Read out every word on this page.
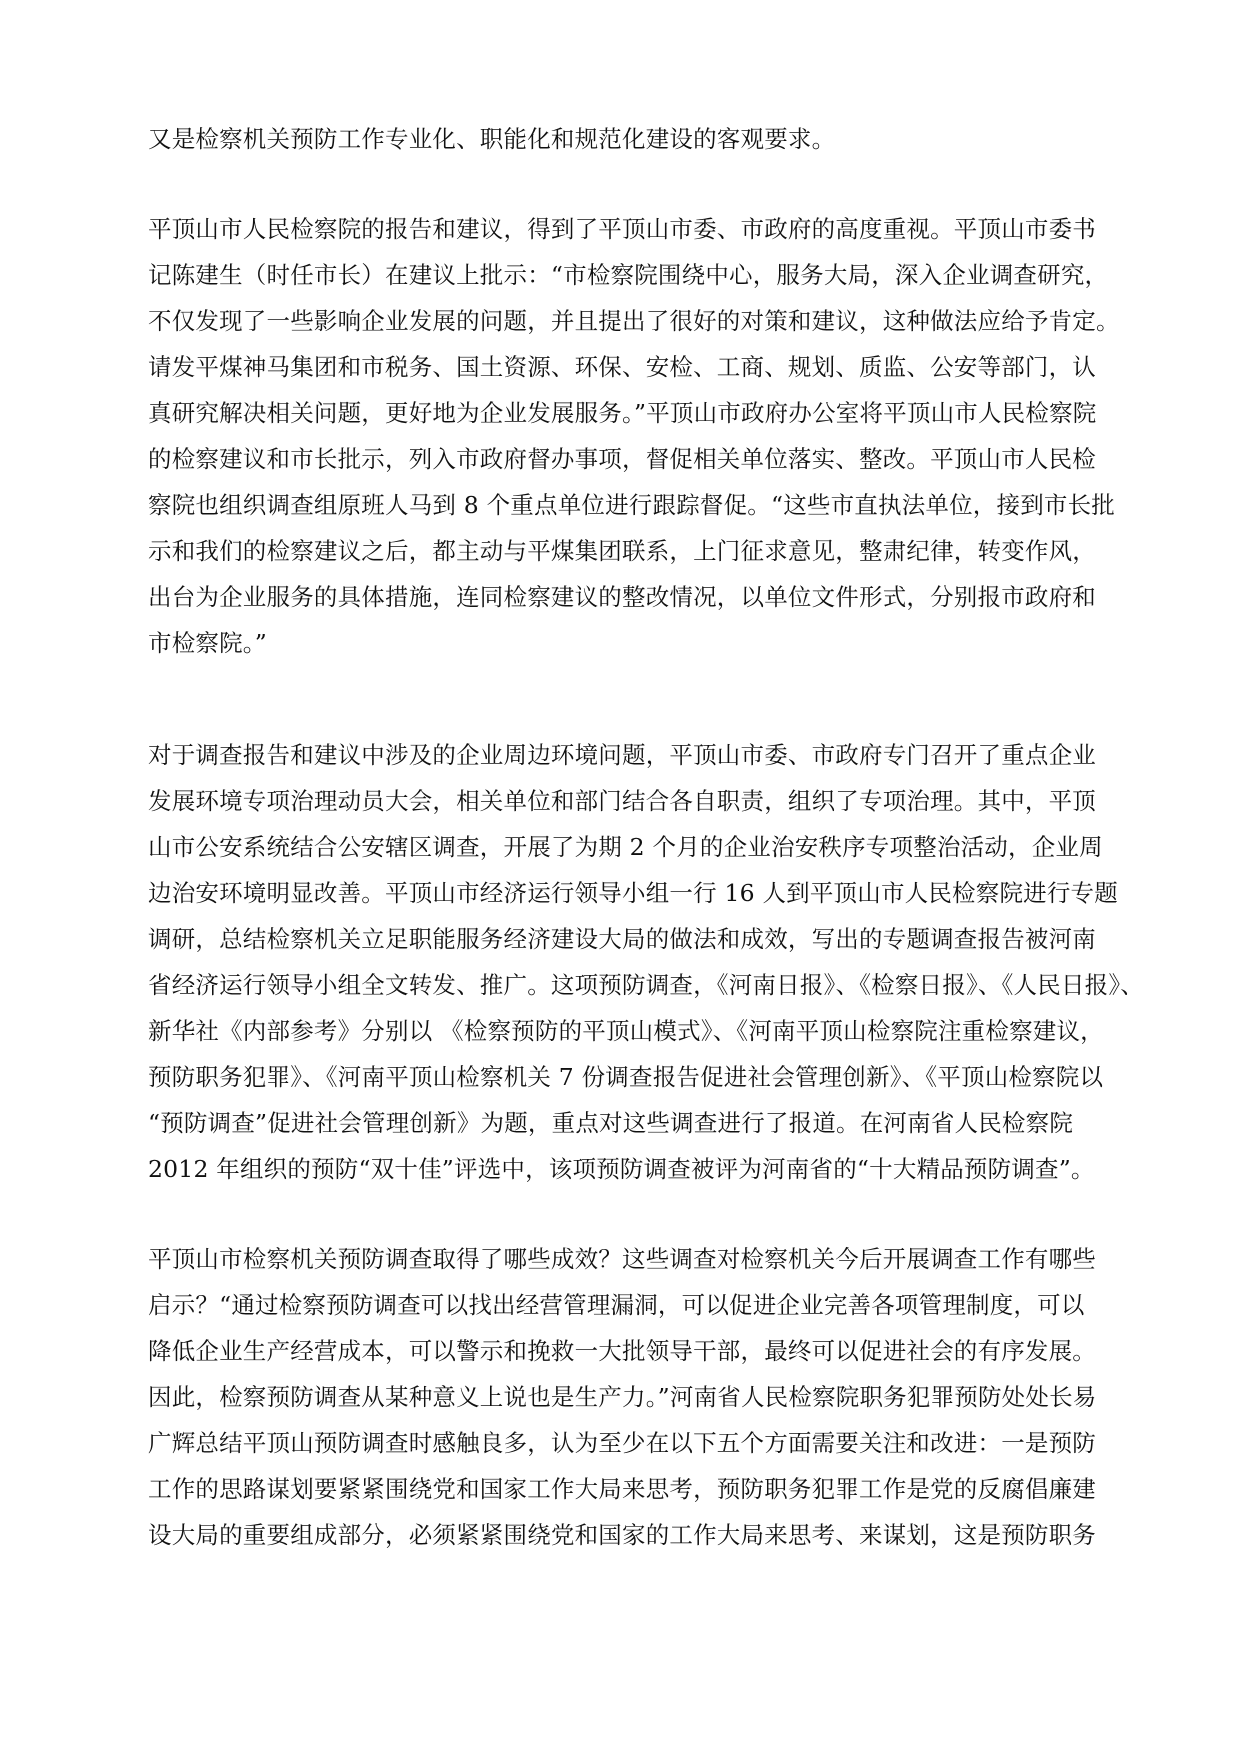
又是检察机关预防工作专业化、职能化和规范化建设的客观要求。
平顶山市人民检察院的报告和建议，得到了平顶山市委、市政府的高度重视。平顶山市委书
记陈建生（时任市长）在建议上批示：“市检察院围绕中心，服务大局，深入企业调查研究，
不仅发现了一些影响企业发展的问题，并且提出了很好的对策和建议，这种做法应给予肯定。
请发平煤神马集团和市税务、国土资源、环保、安检、工商、规划、质监、公安等部门，认
真研究解决相关问题，更好地为企业发展服务。”平顶山市政府办公室将平顶山市人民检察院
的检察建议和市长批示，列入市政府督办事项，督促相关单位落实、整改。平顶山市人民检
察院也组织调查组原班人马到 8 个重点单位进行跟踪督促。“这些市直执法单位，接到市长批
示和我们的检察建议之后，都主动与平煤集团联系，上门征求意见，整肃纪律，转变作风，
出台为企业服务的具体措施，连同检察建议的整改情况，以单位文件形式，分别报市政府和
市检察院。”
对于调查报告和建议中涉及的企业周边环境问题，平顶山市委、市政府专门召开了重点企业
发展环境专项治理动员大会，相关单位和部门结合各自职责，组织了专项治理。其中，平顶
山市公安系统结合公安辖区调查，开展了为期 2 个月的企业治安秩序专项整治活动，企业周
边治安环境明显改善。平顶山市经济运行领导小组一行 16 人到平顶山市人民检察院进行专题
调研，总结检察机关立足职能服务经济建设大局的做法和成效，写出的专题调查报告被河南
省经济运行领导小组全文转发、推广。这项预防调查，《河南日报》、《检察日报》、《人民日报》、
新华社《内部参考》分别以 《检察预防的平顶山模式》、《河南平顶山检察院注重检察建议，
预防职务犯罪》、《河南平顶山检察机关 7 份调查报告促进社会管理创新》、《平顶山检察院以
“预防调查”促进社会管理创新》为题，重点对这些调查进行了报道。在河南省人民检察院
2012 年组织的预防“双十佳”评选中，该项预防调查被评为河南省的“十大精品预防调查”。
平顶山市检察机关预防调查取得了哪些成效？这些调查对检察机关今后开展调查工作有哪些
启示？“通过检察预防调查可以找出经营管理漏洞，可以促进企业完善各项管理制度，可以
降低企业生产经营成本，可以警示和挽救一大批领导干部，最终可以促进社会的有序发展。
因此，检察预防调查从某种意义上说也是生产力。”河南省人民检察院职务犯罪预防处处长易
广辉总结平顶山预防调查时感触良多，认为至少在以下五个方面需要关注和改进：一是预防
工作的思路谋划要紧紧围绕党和国家工作大局来思考，预防职务犯罪工作是党的反腐倡廉建
设大局的重要组成部分，必须紧紧围绕党和国家的工作大局来思考、来谋划，这是预防职务
